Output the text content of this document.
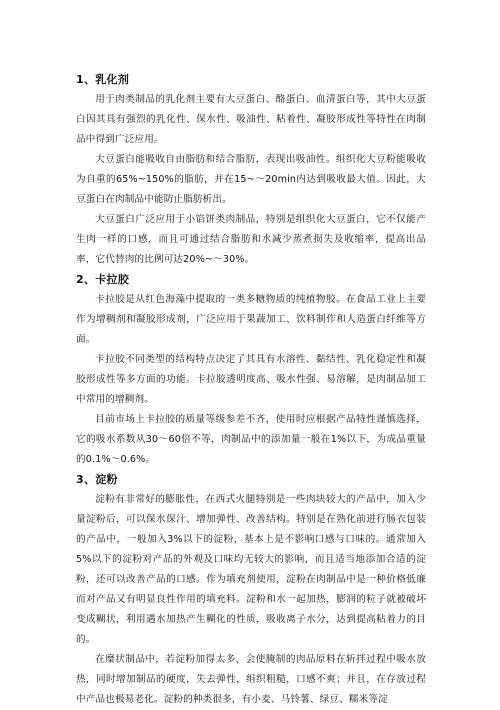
1、乳化剂

用于肉类制品的乳化剂主要有大豆蛋白、酪蛋白、血清蛋白等，其中大豆蛋白因其具有强烈的乳化性、保水性、吸油性、粘着性、凝胶形成性等特性在肉制品中得到广泛应用。

大豆蛋白能吸收自由脂肪和结合脂肪，表现出吸油性。组织化大豆粉能吸收为自重的65%~150%的脂肪，并在15~～20min内达到吸收最大值。因此，大豆蛋白在肉制品中能防止脂肪析出。

大豆蛋白广泛应用于小馅饼类肉制品，特别是组织化大豆蛋白，它不仅能产生肉一样的口感，而且可通过结合脂肪和水减少蒸煮损失及收缩率，提高出品率，它代替肉的比例可达20%~～30%。

2、卡拉胶

卡拉胶是从红色海藻中提取的一类多糖物质的纯植物胶。在食品工业上主要作为增稠剂和凝胶形成剂，广泛应用于果蔬加工、饮料制作和人造蛋白纤维等方面。

卡拉胶不同类型的结构特点决定了其具有水溶性、黏结性、乳化稳定性和凝胶形成性等多方面的功能。卡拉胶透明度高、吸水性强、易溶解，是肉制品加工中常用的增稠剂。

目前市场上卡拉胶的质量等级参差不齐，使用时应根据产品特性谨慎选择，它的吸水系数从30～60倍不等，肉制品中的添加量一般在1%以下，为成品重量的0.1%～0.6%。

3、淀粉

淀粉有非常好的膨胀性，在西式火腿特别是一些肉块较大的产品中，加入少量淀粉后，可以保水保汁、增加弹性、改善结构。特别是在熟化前进行肠衣包装的产品中，一般加入3%以下的淀粉，基本上是不影响口感与口味的。通常加入5%以下的淀粉对产品的外观及口味均无较大的影响，而且适当地添加合适的淀粉，还可以改善产品的口感。作为填充剂使用，淀粉在肉制品中是一种价格低廉而对产品又有明显良性作用的填充料。淀粉和水一起加热，膨润的粒子就被破坏变成糊状，利用遇水加热产生糊化的性质，吸收离子水分，达到提高粘着力的目的。

在糜状制品中，若淀粉加得太多，会使腌制的肉品原料在斩拌过程中吸水放热，同时增加制品的硬度，失去弹性，组织粗糙，口感不爽；并且，在存放过程中产品也极易老化。淀粉的种类很多，有小麦、马铃薯、绿豆、糯米等淀
